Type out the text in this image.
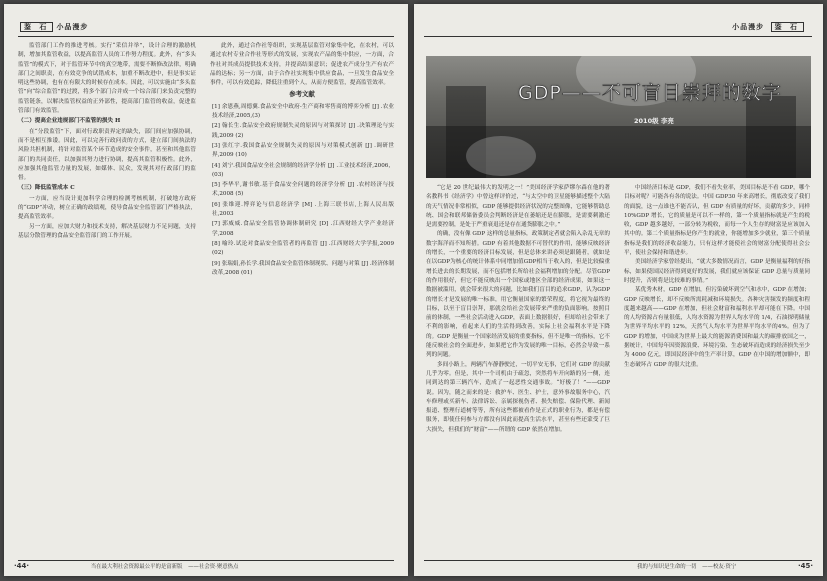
鉴 石 小品漫步

监管部门工作的推进考核。实行“采信并举”，设计合理的激励机制，增加其监管收益，以提高监管人员的工作努力程度。此外，有“多头监管”的模式下，对于监管环节中的真空地带，需要不断修改法律，明确部门之间职责，在有效竞争的试错成本，加重不断改进中，但是事实证明这些协调，也有在有限大的时候存在成本。因此，可以实施由“多头监管”向“综合监管”的过渡，将多个部门合并成一个综合部门来负责完整的监管链条，以解决监管权益的正外部性，提高部门监管的收益，促进监管部门有效监管。

（二）提高企业违规部门不监管的损失 H

在“分段监管”下，面对行政职责界定的缺失，部门间应加强协调，而不是相互推诿。因此，可以完善行政问责的方式，建立部门间执法的风险共担机制，将针对监管某个环节造成的安全事件，甚至和其他监管部门的共同责任，以加强其努力进行协调，提高其监管积极性。此外，应加强其他监管力量的发展，如媒体、民众，发现其对行政部门的监督。

（三）降低监管成本 C

一方面，应当设计更加科学合理的检测考核机制，打破地方政府的“GDP”冲动，树立正确的政绩观，使导食品安全监管部门严格执法，提高监管效率。

另一方面，应加大财力和技术支持，解决基层财力不足问题，支持基层分散管理的食品安全监管部门的工作开展。

此外，通过合作社等组织，实现基层监管对象集中化，在农村，可以通过农村专业合作社等形式的发展，实现农产品的集中供应，一方面，合作社对其成员提供技术支持，并提高结果意识；促进农产成分生产有农产品的达标；另一方面，由于合作社实现集中供应食品，一旦发生食品安全事件，可以有效追踪，降低注重到个人，从而方便监管，提高监管效率。

参考文献

[1] 余恩燕,周德翼.食品安全中政府-生产商和零售商的博弈分析 [J] .农业技术经济,2005,(3)

[2] 翰长生.食品安全政府规制失灵的原因与对策探讨 [J] .决策理论与实践,2009 (2)

[3] 张红宇.我国食品安全规制失灵的原因与对策模式创新 [J] .调研世界,2009 (10)

[4] 刘宁.我国食品安全社会规制的经济学分析 [J] .工业技术经济,2006，(03)

[5] 李华平,谢书敏.基于食品安全问题的经济学分析 [J] .农村经济与技术,2008 (5)

[6] 张维迎.博弈论与信息经济学 [M] .上海三联书店,上海人民出版社,2003

[7] 郭威威.食品安全监管协调体制研究 [D] .江西财经大学产业经济学,2008

[8] 喻玲.试论对食品安全监管者的再监管 [J] .江西财经大学学报,2009 (02)

[9] 张瑞娟,孙长学.我国食品安全监管体制现状、问题与对策 [J] .经济体制改革,2008 (01)

·44·	当在最大利社会资源最公平的是富新版 ——社会资·聚意热点
小品漫步 鉴 石
GDP——不可盲目崇拜的数字
2010级 李亮

“它是 20 世纪最伟大的发明之一！”美国经济学家萨缪尔森在他的著名教科书《经济学》中曾这样评价过，“与太空中的卫星能够描述整个大陆的天气情况非常相似，GDP 能够提供经济状况的完整图像，它能够帮助总统、国会和联邦储备委员会判断经济是在萎缩还是在膨胀，是需要刺激还是需要控制，是处于严重衰退还是存在通货膨胀之中。”

的确，没有像 GDP 这样的总量指标，政策制定者就会陷入杂乱无章的数字海洋而不知所措。GDP 有着其他数据不可替代的作用，能够反映经济的增长，一个重要的经济目标发展，但是总体来讲必须是跟随者，就如是在以GDP为核心的统计体系中同增加值GDP相当于收入的，但是比较偏重增长进去的长期发展，而不包括增长所给社会福利增加的分配。尽管GDP的作用很好，但它不能反映出一个国家或地区全部的经济成果，如果这一数据被滥用，就会带来很大的问题，比如我们盲目的追求GDP，认为GDP 的增长才是发展的唯一标准，用它衡量国家的繁荣程度，将它视为最终的目标，以至于盲目崇拜，那就会给社会发展带来严重的负面影响。按照目前的体制，一些社会活动进入GDP，表面上数据很好，但却给社会带来了不利的影响，看起来人们的生活得到改善，实际上社会福利水平是下降的。GDP 是衡量一个国家经济发展的重要指标，但不是唯一的指标，它不能反映社会的全面进步，如果把它作为发展的唯一目标，必然会导致一系列的问题。

多间小路上，两辆汽车静静驶过，一切平安无事，它们对 GDP 的贡献几乎为零。但是，其中一个司机由于疏忽，突然将车开向路的另一侧，连同到达的第三辆汽车，造成了一起恶性交通事故。“好极了！”——GDP 说。因为，随之而来的是：救护车、医生、护士，意外事故服务中心，汽车修理或买新车、法律诉讼、亲属探视伤者、损失赔偿、保险代理、新闻报道、整理行道树等等，所有这些都被看作是正式的职业行为，都是有偿服务，即使任何参与方都没有因此而提高生活水平，甚至有些还蒙受了巨大损失，但我们的“财富”——所谓的 GDP 依然在增加。

中国经济目标是 GDP，我们不看失业率，美国目标是不看 GDP，哪个目标对呢？可能各有各的说法。中国 GDP30 年来高增长，彻底改变了我们的面貌，这一点谁也不能否认，但 GDP 有质量的好坏，贡献的多少，同样 10%GDP 增长，它的质量是可以不一样的，第一个质量指标就是产生的税收，GDP 越多越好，一部分转为税收，而每一个人生存的财富是应该加入其中的。第二个质量指标是你产生的就业，你能增加多少就业，第三个质量指标是我们的经济收益能力，只有这样才能使社会的财富分配使得社会公平，使社会保持和谐进步。

美国经济学家曾经提出，“就大多数情况而言，GDP 是衡量福利的好指标，如果使国民经济得到更好的发展，我们就应该保证 GDP 总量与质量同时提升，否则将是比较难的事情。”

某优秀木材，GDP 在增加，但污染破坏到空气和水中，GDP 在增加；GDP 反映增长，却不反映所需耗减和环境损失。各种灾害频发的频度和程度越来越高——GDP 在增加，但社会财富和福利水平却可能在下降。中国的人均资源占有量很低，人均水资源为世界人均水平的 1/4，石油探明储量为世界平均水平的 12%，天然气人均水平为世界平均水平的4%。但为了 GDP 的增加，中国成为世界上最大的能源消费国和最大的碳排放国之一，据统计，中国每年因资源浪费、环境污染、生态破坏而造成的经济损失至少为 4000 亿元，即国民经济中的生产率计算，GDP 在中国的增加额中，即生态破坏占 GDP 的很大比重。

我的与知识是生命的一切 ——校友·资宁	·45·
